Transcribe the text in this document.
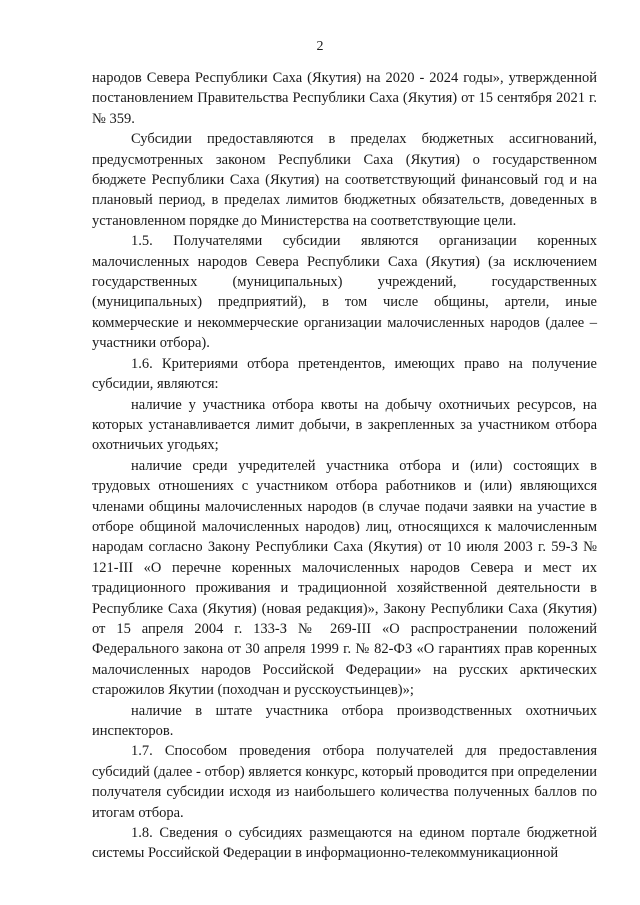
2

народов Севера Республики Саха (Якутия) на 2020 - 2024 годы», утвержденной постановлением Правительства Республики Саха (Якутия) от 15 сентября 2021 г. № 359.

Субсидии предоставляются в пределах бюджетных ассигнований, предусмотренных законом Республики Саха (Якутия) о государственном бюджете Республики Саха (Якутия) на соответствующий финансовый год и на плановый период, в пределах лимитов бюджетных обязательств, доведенных в установленном порядке до Министерства на соответствующие цели.

1.5. Получателями субсидии являются организации коренных малочисленных народов Севера Республики Саха (Якутия) (за исключением государственных (муниципальных) учреждений, государственных (муниципальных) предприятий), в том числе общины, артели, иные коммерческие и некоммерческие организации малочисленных народов (далее – участники отбора).

1.6. Критериями отбора претендентов, имеющих право на получение субсидии, являются:

наличие у участника отбора квоты на добычу охотничьих ресурсов, на которых устанавливается лимит добычи, в закрепленных за участником отбора охотничьих угодьях;

наличие среди учредителей участника отбора и (или) состоящих в трудовых отношениях с участником отбора работников и (или) являющихся членами общины малочисленных народов (в случае подачи заявки на участие в отборе общиной малочисленных народов) лиц, относящихся к малочисленным народам согласно Закону Республики Саха (Якутия) от 10 июля 2003 г. 59-З № 121-III «О перечне коренных малочисленных народов Севера и мест их традиционного проживания и традиционной хозяйственной деятельности в Республике Саха (Якутия) (новая редакция)», Закону Республики Саха (Якутия) от 15 апреля 2004 г. 133-З № 269-III «О распространении положений Федерального закона от 30 апреля 1999 г. № 82-ФЗ «О гарантиях прав коренных малочисленных народов Российской Федерации» на русских арктических старожилов Якутии (походчан и русскоустьинцев)»;

наличие в штате участника отбора производственных охотничьих инспекторов.

1.7. Способом проведения отбора получателей для предоставления субсидий (далее - отбор) является конкурс, который проводится при определении получателя субсидии исходя из наибольшего количества полученных баллов по итогам отбора.

1.8. Сведения о субсидиях размещаются на едином портале бюджетной системы Российской Федерации в информационно-телекоммуникационной
